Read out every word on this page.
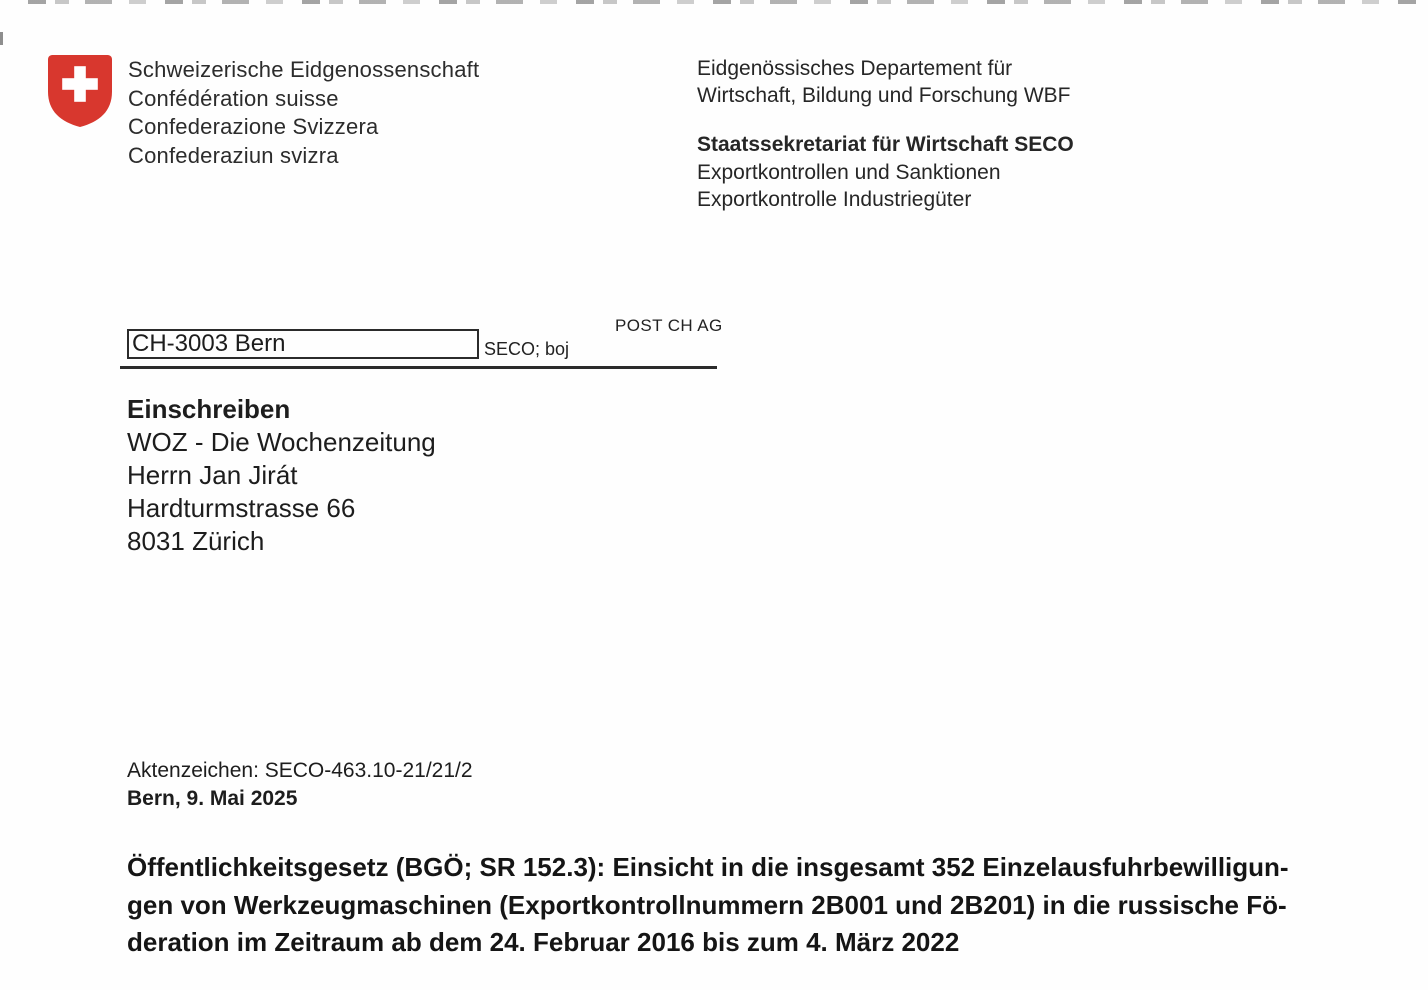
Schweizerische Eidgenossenschaft
Confédération suisse
Confederazione Svizzera
Confederaziun svizra
Eidgenössisches Departement für
Wirtschaft, Bildung und Forschung WBF
Staatssekretariat für Wirtschaft SECO
Exportkontrollen und Sanktionen
Exportkontrolle Industriegüter
CH-3003 Bern	SECO; boj
POST CH AG
Einschreiben
WOZ - Die Wochenzeitung
Herrn Jan Jirát
Hardturmstrasse 66
8031 Zürich
Aktenzeichen: SECO-463.10-21/21/2
Bern, 9. Mai 2025
Öffentlichkeitsgesetz (BGÖ; SR 152.3): Einsicht in die insgesamt 352 Einzelausfuhrbewilligun-
gen von Werkzeugmaschinen (Exportkontrollnummern 2B001 und 2B201) in die russische Fö-
deration im Zeitraum ab dem 24. Februar 2016 bis zum 4. März 2022
